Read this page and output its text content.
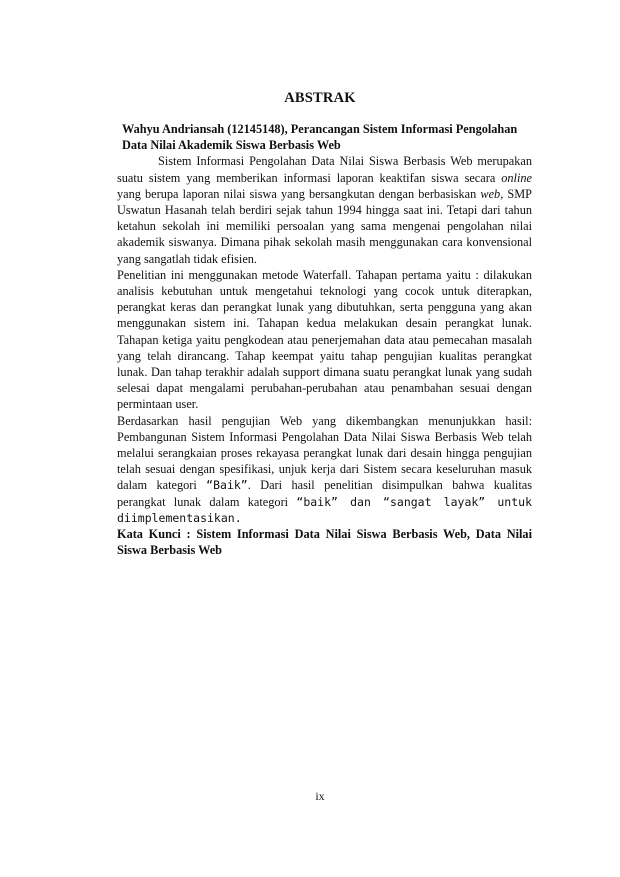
ABSTRAK

Wahyu Andriansah (12145148), Perancangan Sistem Informasi Pengolahan
Data Nilai Akademik Siswa Berbasis Web

Sistem Informasi Pengolahan Data Nilai Siswa Berbasis Web merupakan suatu sistem yang memberikan informasi laporan keaktifan siswa secara online yang berupa laporan nilai siswa yang bersangkutan dengan berbasiskan web, SMP Uswatun Hasanah telah berdiri sejak tahun 1994 hingga saat ini. Tetapi dari tahun ketahun sekolah ini memiliki persoalan yang sama mengenai pengolahan nilai akademik siswanya. Dimana pihak sekolah masih menggunakan cara konvensional yang sangatlah tidak efisien.

Penelitian ini menggunakan metode Waterfall. Tahapan pertama yaitu : dilakukan analisis kebutuhan untuk mengetahui teknologi yang cocok untuk diterapkan, perangkat keras dan perangkat lunak yang dibutuhkan, serta pengguna yang akan menggunakan sistem ini. Tahapan kedua melakukan desain perangkat lunak. Tahapan ketiga yaitu pengkodean atau penerjemahan data atau pemecahan masalah yang telah dirancang. Tahap keempat yaitu tahap pengujian kualitas perangkat lunak. Dan tahap terakhir adalah support dimana suatu perangkat lunak yang sudah selesai dapat mengalami perubahan-perubahan atau penambahan sesuai dengan permintaan user.

Berdasarkan hasil pengujian Web yang dikembangkan menunjukkan hasil: Pembangunan Sistem Informasi Pengolahan Data Nilai Siswa Berbasis Web telah melalui serangkaian proses rekayasa perangkat lunak dari desain hingga pengujian telah sesuai dengan spesifikasi, unjuk kerja dari Sistem secara keseluruhan masuk dalam kategori “Baik”. Dari hasil penelitian disimpulkan bahwa kualitas perangkat lunak dalam kategori “baik” dan “sangat layak” untuk diimplementasikan.

Kata Kunci : Sistem Informasi Data Nilai Siswa Berbasis Web, Data Nilai Siswa Berbasis Web

ix
